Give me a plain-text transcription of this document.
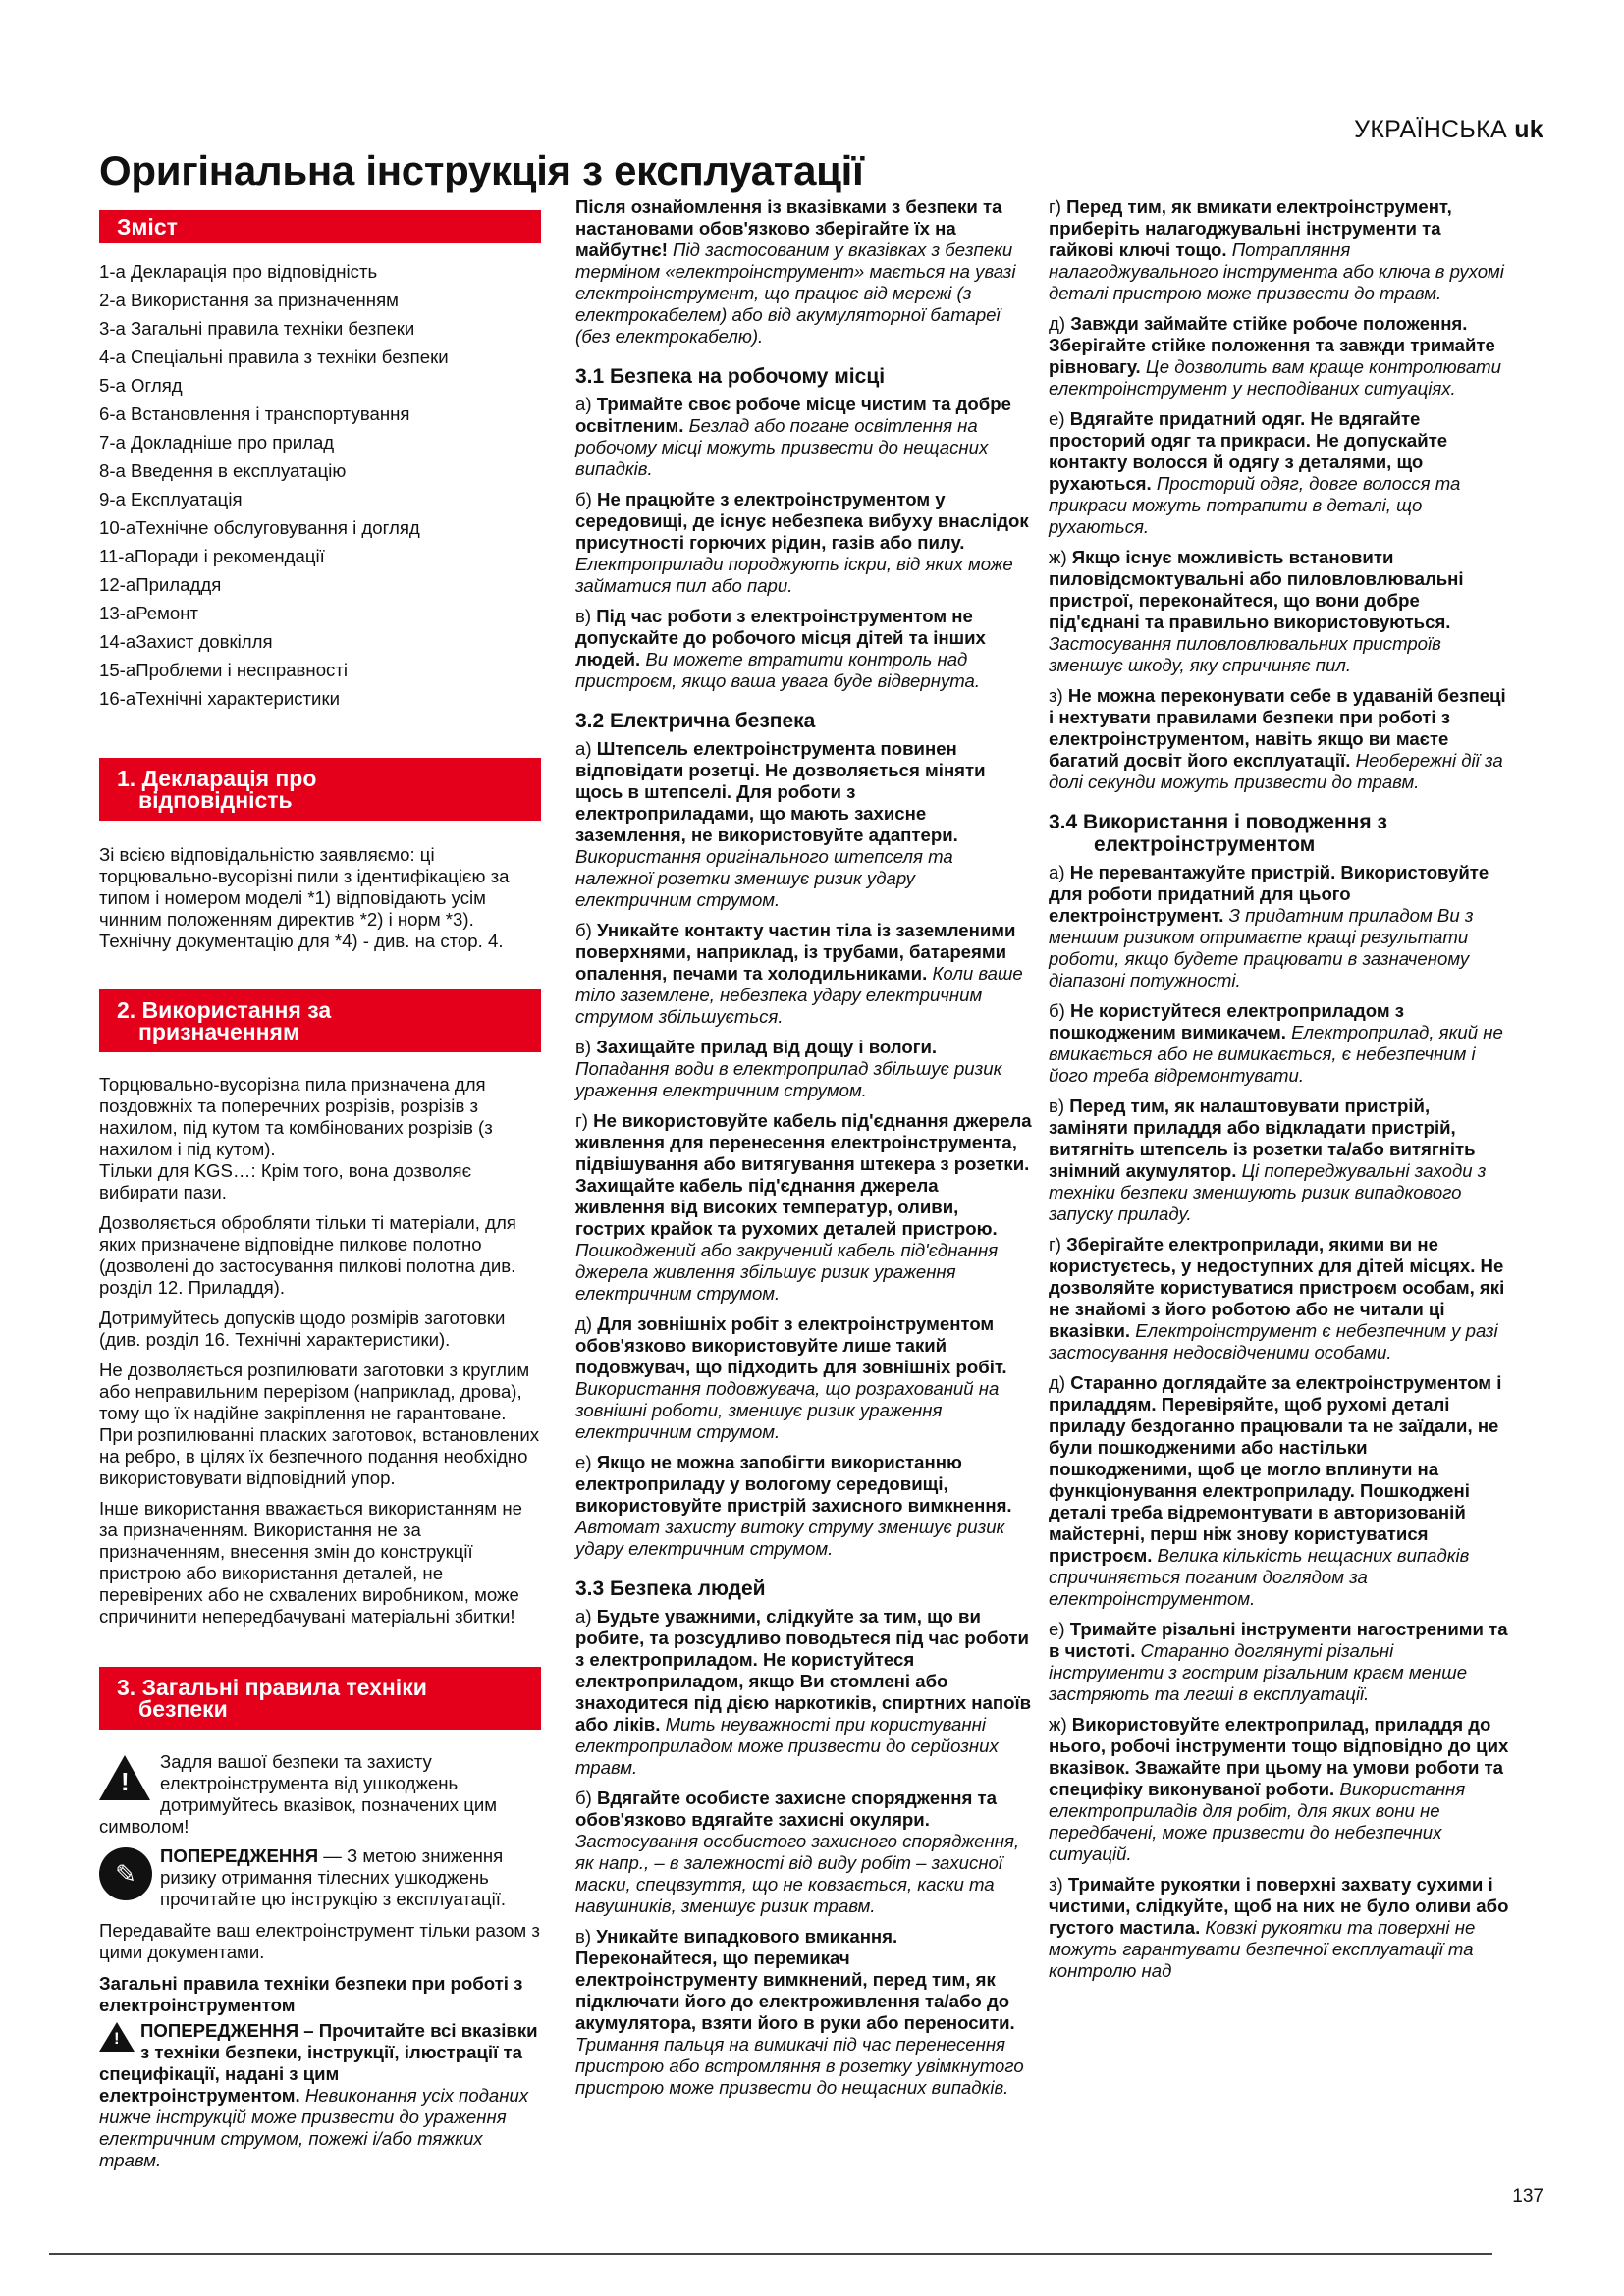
УКРАЇНСЬКА uk
Оригінальна інструкція з експлуатації
Зміст
1-a Декларація про відповідність
2-a Використання за призначенням
3-a Загальні правила техніки безпеки
4-a Спеціальні правила з техніки безпеки
5-a Огляд
6-a Встановлення і транспортування
7-a Докладніше про прилад
8-a Введення в експлуатацію
9-a Експлуатація
10-aТехнічне обслуговування і догляд
11-aПоради і рекомендації
12-aПриладдя
13-aРемонт
14-aЗахист довкілля
15-aПроблеми і несправності
16-aТехнічні характеристики
1. Декларація про
відповідність

Зі всією відповідальністю заявляємо: ці торцювально-вусорізні пили з ідентифікацією за типом і номером моделі *1) відповідають усім чинним положенням директив *2) і норм *3). Технічну документацію для *4) - див. на стор. 4.

2. Використання за
призначенням

Торцювально-вусорізна пила призначена для поздовжніх та поперечних розрізів, розрізів з нахилом, під кутом та комбінованих розрізів (з нахилом і під кутом).

Тільки для KGS…: Крім того, вона дозволяє вибирати пази.

Дозволяється обробляти тільки ті матеріали, для яких призначене відповідне пилкове полотно (дозволені до застосування пилкові полотна див. розділ 12. Приладдя).

Дотримуйтесь допусків щодо розмірів заготовки (див. розділ 16. Технічні характеристики).

Не дозволяється розпилювати заготовки з круглим або неправильним перерізом (наприклад, дрова), тому що їх надійне закріплення не гарантоване. При розпилюванні пласких заготовок, встановлених на ребро, в цілях їх безпечного подання необхідно використовувати відповідний упор.

Інше використання вважається використанням не за призначенням. Використання не за призначенням, внесення змін до конструкції пристрою або використання деталей, не перевірених або не схвалених виробником, може спричинити непередбачувані матеріальні збитки!

3. Загальні правила техніки
безпеки
!
Задля вашої безпеки та захисту електроінструмента від ушкоджень дотримуйтесь вказівок, позначених цим символом!
✎
ПОПЕРЕДЖЕННЯ — З метою зниження ризику отримання тілесних ушкоджень прочитайте цю інструкцію з експлуатації.

Передавайте ваш електроінструмент тільки разом з цими документами.

Загальні правила техніки безпеки при роботі з електроінструментом

!
ПОПЕРЕДЖЕННЯ – Прочитайте всі вказівки з техніки безпеки, інструкції, ілюстрації та специфікації, надані з цим електроінструментом. Невиконання усіх поданих нижче інструкцій може призвести до ураження електричним струмом, пожежі і/або тяжких травм.

Після ознайомлення із вказівками з безпеки та настановами обов'язково зберігайте їх на майбутнє! Під застосованим у вказівках з безпеки терміном «електроінструмент» мається на увазі електроінструмент, що працює від мережі (з електрокабелем) або від акумуляторної батареї (без електрокабелю).

3.1 Безпека на робочому місці

а) Тримайте своє робоче місце чистим та добре освітленим. Безлад або погане освітлення на робочому місці можуть призвести до нещасних випадків.

б) Не працюйте з електроінструментом у середовищі, де існує небезпека вибуху внаслідок присутності горючих рідин, газів або пилу. Електроприлади породжують іскри, від яких може займатися пил або пари.

в) Під час роботи з електроінструментом не допускайте до робочого місця дітей та інших людей. Ви можете втратити контроль над пристроєм, якщо ваша увага буде відвернута.

3.2 Електрична безпека

а) Штепсель електроінструмента повинен відповідати розетці. Не дозволяється міняти щось в штепселі. Для роботи з електроприладами, що мають захисне заземлення, не використовуйте адаптери. Використання оригінального штепселя та належної розетки зменшує ризик удару електричним струмом.

б) Уникайте контакту частин тіла із заземленими поверхнями, наприклад, із трубами, батареями опалення, печами та холодильниками. Коли ваше тіло заземлене, небезпека удару електричним струмом збільшується.

в) Захищайте прилад від дощу і вологи. Попадання води в електроприлад збільшує ризик ураження електричним струмом.

г) Не використовуйте кабель під'єднання джерела живлення для перенесення електроінструмента, підвішування або витягування штекера з розетки. Захищайте кабель під'єднання джерела живлення від високих температур, оливи, гострих крайок та рухомих деталей пристрою. Пошкоджений або закручений кабель під'єднання джерела живлення збільшує ризик ураження електричним струмом.

д) Для зовнішніх робіт з електроінструментом обов'язково використовуйте лише такий подовжувач, що підходить для зовнішніх робіт. Використання подовжувача, що розрахований на зовнішні роботи, зменшує ризик ураження електричним струмом.

е) Якщо не можна запобігти використанню електроприладу у вологому середовищі, використовуйте пристрій захисного вимкнення. Автомат захисту витоку струму зменшує ризик удару електричним струмом.

3.3 Безпека людей

а) Будьте уважними, слідкуйте за тим, що ви робите, та розсудливо поводьтеся під час роботи з електроприладом. Не користуйтеся електроприладом, якщо Ви стомлені або знаходитеся під дією наркотиків, спиртних напоїв або ліків. Мить неуважності при користуванні електроприладом може призвести до серйозних травм.

б) Вдягайте особисте захисне спорядження та обов'язково вдягайте захисні окуляри. Застосування особистого захисного спорядження, як напр., – в залежності від виду робіт – захисної маски, спецвзуття, що не ковзається, каски та навушників, зменшує ризик травм.

в) Уникайте випадкового вмикання. Переконайтеся, що перемикач електроінструменту вимкнений, перед тим, як підключати його до електроживлення та/або до акумулятора, взяти його в руки або переносити. Тримання пальця на вимикачі під час перенесення пристрою або встромляння в розетку увімкнутого пристрою може призвести до нещасних випадків.

г) Перед тим, як вмикати електроінструмент, приберіть налагоджувальні інструменти та гайкові ключі тощо. Потрапляння налагоджувального інструмента або ключа в рухомі деталі пристрою може призвести до травм.

д) Завжди займайте стійке робоче положення. Зберігайте стійке положення та завжди тримайте рівновагу. Це дозволить вам краще контролювати електроінструмент у несподіваних ситуаціях.

е) Вдягайте придатний одяг. Не вдягайте просторий одяг та прикраси. Не допускайте контакту волосся й одягу з деталями, що рухаються. Просторий одяг, довге волосся та прикраси можуть потрапити в деталі, що рухаються.

ж) Якщо існує можливість встановити пиловідсмоктувальні або пиловловлювальні пристрої, переконайтеся, що вони добре під'єднані та правильно використовуються. Застосування пиловловлювальних пристроїв зменшує шкоду, яку спричиняє пил.

з) Не можна переконувати себе в удаваній безпеці і нехтувати правилами безпеки при роботі з електроінструментом, навіть якщо ви маєте багатий досвіт його експлуатації. Необережні дії за долі секунди можуть призвести до травм.

3.4 Використання і поводження з
електроінструментом

а) Не перевантажуйте пристрій. Використовуйте для роботи придатний для цього електроінструмент. З придатним приладом Ви з меншим ризиком отримаєте кращі результати роботи, якщо будете працювати в зазначеному діапазоні потужності.

б) Не користуйтеся електроприладом з пошкодженим вимикачем. Електроприлад, який не вмикається або не вимикається, є небезпечним і його треба відремонтувати.

в) Перед тим, як налаштовувати пристрій, заміняти приладдя або відкладати пристрій, витягніть штепсель із розетки та/або витягніть знімний акумулятор. Ці попереджувальні заходи з техніки безпеки зменшують ризик випадкового запуску приладу.

г) Зберігайте електроприлади, якими ви не користуєтесь, у недоступних для дітей місцях. Не дозволяйте користуватися пристроєм особам, які не знайомі з його роботою або не читали ці вказівки. Електроінструмент є небезпечним у разі застосування недосвідченими особами.

д) Старанно доглядайте за електроінструментом і приладдям. Перевіряйте, щоб рухомі деталі приладу бездоганно працювали та не заїдали, не були пошкодженими або настільки пошкодженими, щоб це могло вплинути на функціонування електроприладу. Пошкоджені деталі треба відремонтувати в авторизованій майстерні, перш ніж знову користуватися пристроєм. Велика кількість нещасних випадків спричиняється поганим доглядом за електроінструментом.

е) Тримайте різальні інструменти нагостреними та в чистоті. Старанно доглянуті різальні інструменти з гострим різальним краєм менше застряють та легші в експлуатації.

ж) Використовуйте електроприлад, приладдя до нього, робочі інструменти тощо відповідно до цих вказівок. Зважайте при цьому на умови роботи та специфіку виконуваної роботи. Використання електроприладів для робіт, для яких вони не передбачені, може призвести до небезпечних ситуацій.

з) Тримайте рукоятки і поверхні захвату сухими і чистими, слідкуйте, щоб на них не було оливи або густого мастила. Ковзкі рукоятки та поверхні не можуть гарантувати безпечної експлуатації та контролю над

137
